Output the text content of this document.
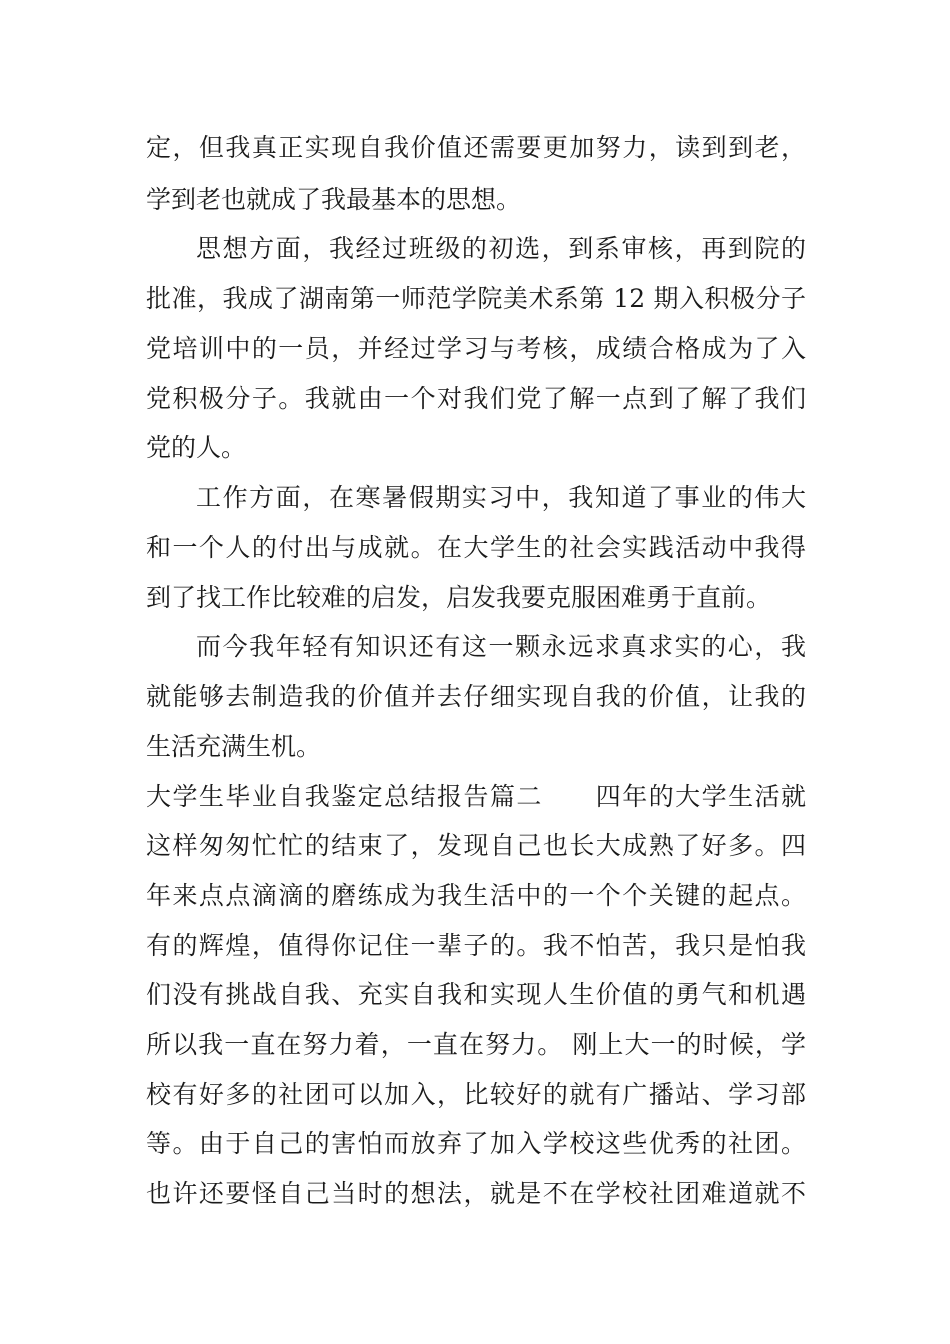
定，但我真正实现自我价值还需要更加努力，读到到老，
学到老也就成了我最基本的思想。
思想方面，我经过班级的初选，到系审核，再到院的
批准，我成了湖南第一师范学院美术系第 12 期入积极分子
党培训中的一员，并经过学习与考核，成绩合格成为了入
党积极分子。我就由一个对我们党了解一点到了解了我们
党的人。
工作方面，在寒暑假期实习中，我知道了事业的伟大
和一个人的付出与成就。在大学生的社会实践活动中我得
到了找工作比较难的启发，启发我要克服困难勇于直前。
而今我年轻有知识还有这一颗永远求真求实的心，我
就能够去制造我的价值并去仔细实现自我的价值，让我的
生活充满生机。
大学生毕业自我鉴定总结报告篇二　　四年的大学生活就
这样匆匆忙忙的结束了，发现自己也长大成熟了好多。四
年来点点滴滴的磨练成为我生活中的一个个关键的起点。
有的辉煌，值得你记住一辈子的。我不怕苦，我只是怕我
们没有挑战自我、充实自我和实现人生价值的勇气和机遇
所以我一直在努力着，一直在努力。 刚上大一的时候，学
校有好多的社团可以加入，比较好的就有广播站、学习部
等。由于自己的害怕而放弃了加入学校这些优秀的社团。
也许还要怪自己当时的想法，就是不在学校社团难道就不
